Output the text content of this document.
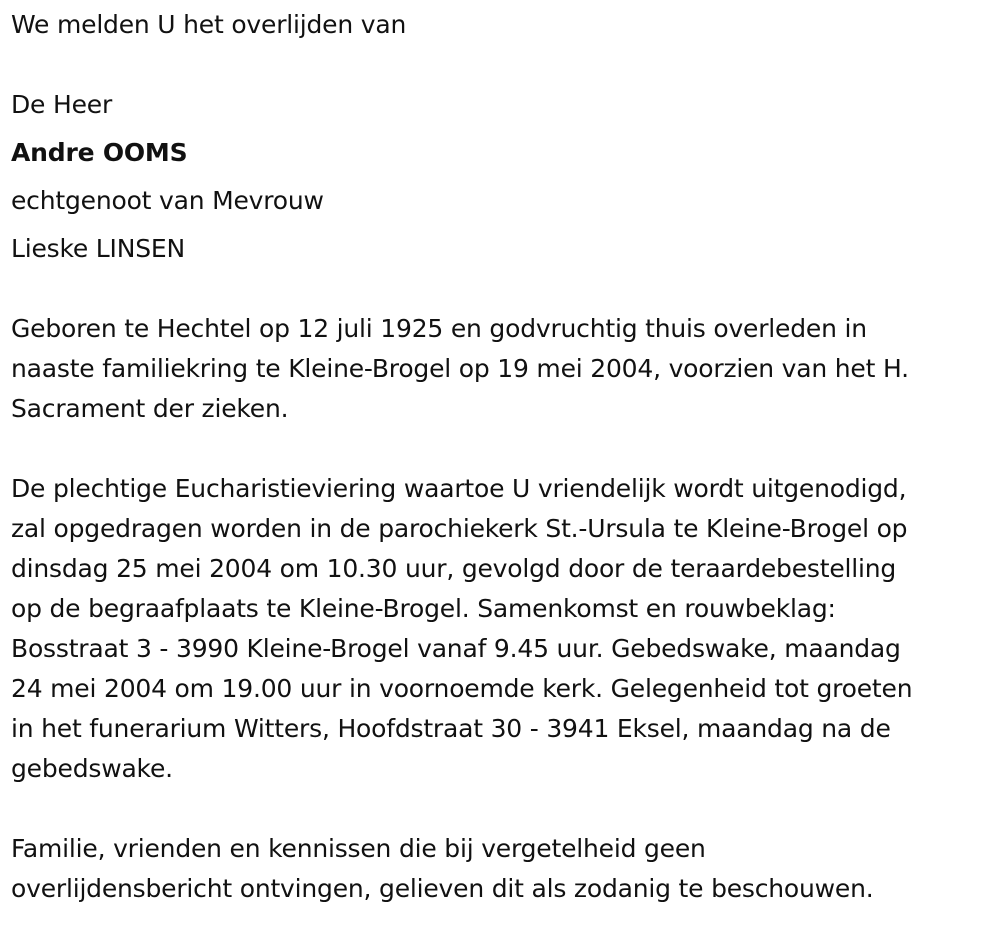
We melden U het overlijden van
De Heer
Andre OOMS
echtgenoot van Mevrouw
Lieske LINSEN
Geboren te Hechtel op 12 juli 1925 en godvruchtig thuis overleden in
naaste familiekring te Kleine-Brogel op 19 mei 2004, voorzien van het H.
Sacrament der zieken.
De plechtige Eucharistieviering waartoe U vriendelijk wordt uitgenodigd,
zal opgedragen worden in de parochiekerk St.-Ursula te Kleine-Brogel op
dinsdag 25 mei 2004 om 10.30 uur, gevolgd door de teraardebestelling
op de begraafplaats te Kleine-Brogel. Samenkomst en rouwbeklag:
Bosstraat 3 - 3990 Kleine-Brogel vanaf 9.45 uur. Gebedswake, maandag
24 mei 2004 om 19.00 uur in voornoemde kerk. Gelegenheid tot groeten
in het funerarium Witters, Hoofdstraat 30 - 3941 Eksel, maandag na de
gebedswake.
Familie, vrienden en kennissen die bij vergetelheid geen
overlijdensbericht ontvingen, gelieven dit als zodanig te beschouwen.
